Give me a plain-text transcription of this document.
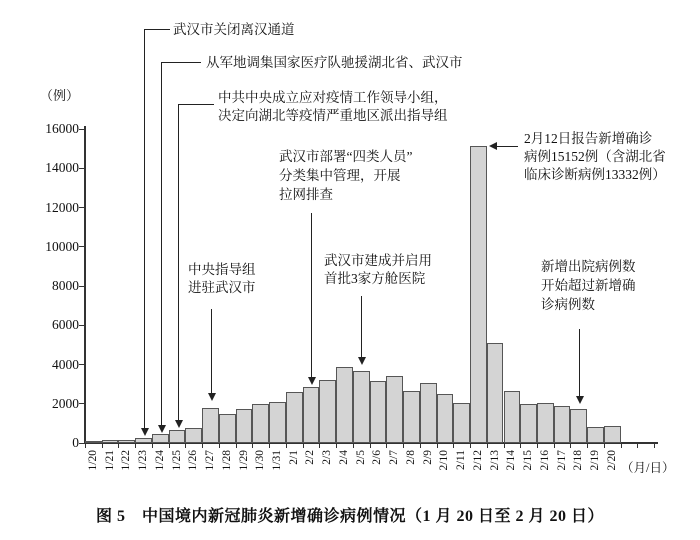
（例）
0
2000
4000
6000
8000
10000
12000
14000
16000
1/20 1/21 1/22 1/23 1/24 1/25 1/26 1/27 1/28 1/29 1/30 1/31 2/1 2/2 2/3 2/4 2/5 2/6 2/7 2/8 2/9 2/10 2/11 2/12 2/13 2/14 2/15 2/16 2/17 2/18 2/19 2/20 （月/日）
武汉市关闭离汉通道
从军地调集国家医疗队驰援湖北省、武汉市
中共中央成立应对疫情工作领导小组，
决定向湖北等疫情严重地区派出指导组
武汉市部署“四类人员”
分类集中管理，开展
拉网排查
中央指导组
进驻武汉市
武汉市建成并启用
首批3家方舱医院
2月12日报告新增确诊
病例15152例（含湖北省
临床诊断病例13332例）
新增出院病例数
开始超过新增确
诊病例数
图 5　中国境内新冠肺炎新增确诊病例情况（1 月 20 日至 2 月 20 日）
